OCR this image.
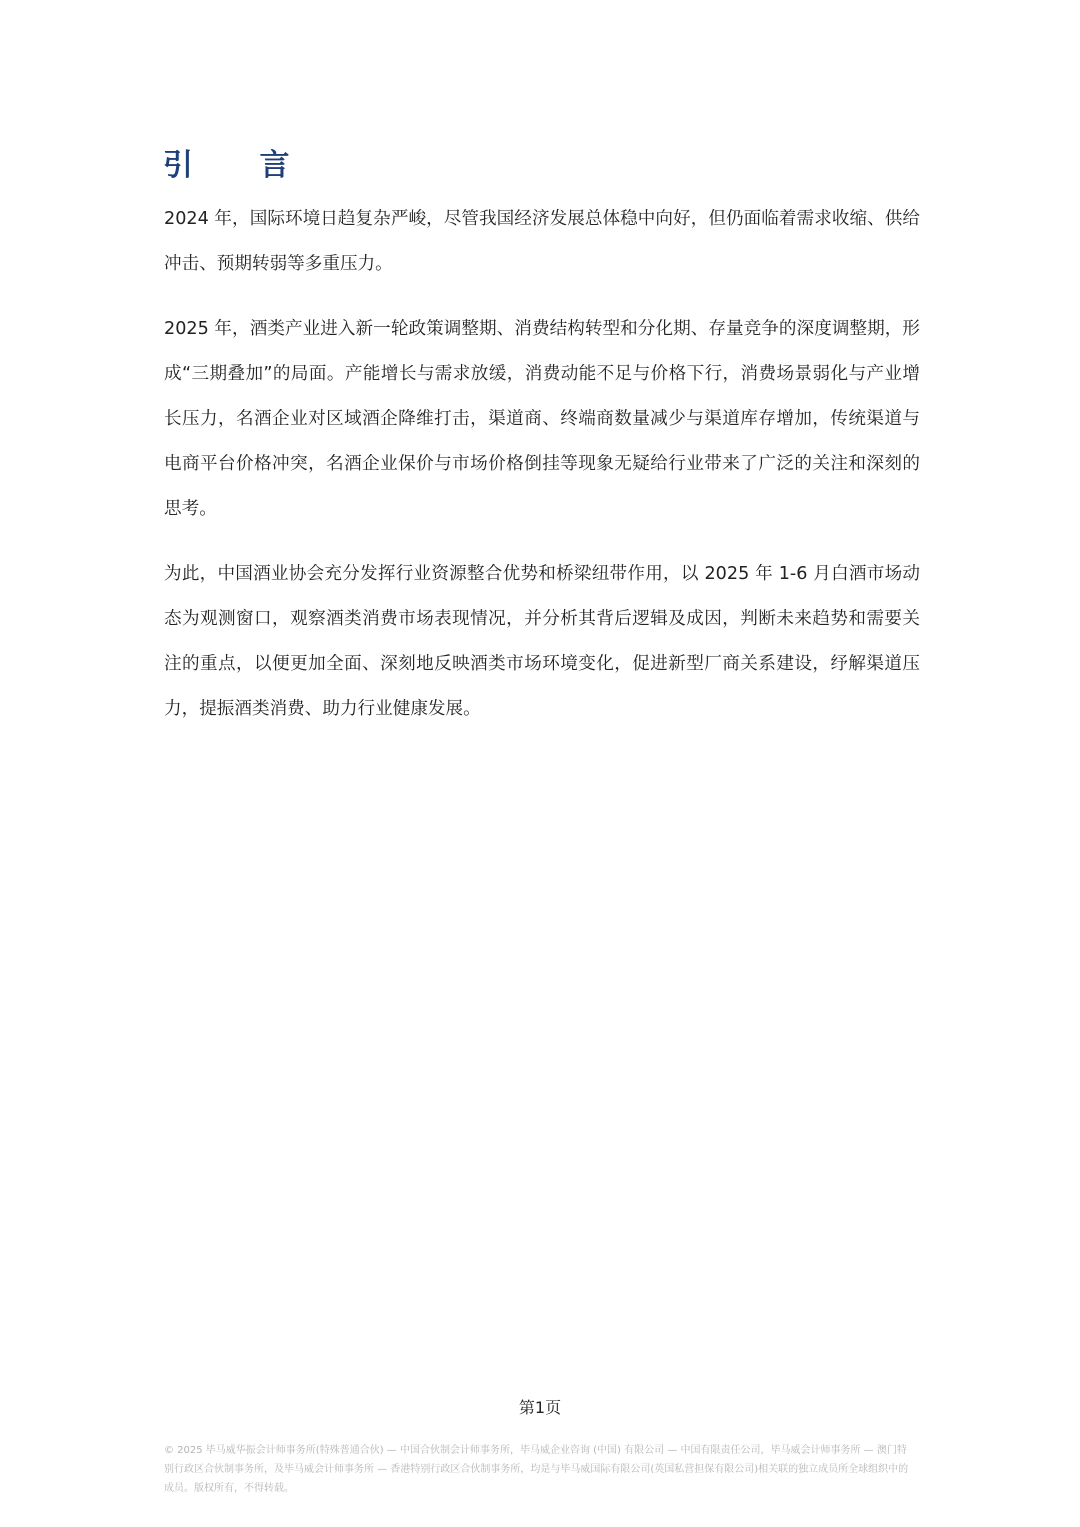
引 言

2024 年，国际环境日趋复杂严峻，尽管我国经济发展总体稳中向好，但仍面临着需求收缩、供给冲击、预期转弱等多重压力。

2025 年，酒类产业进入新一轮政策调整期、消费结构转型和分化期、存量竞争的深度调整期，形成“三期叠加”的局面。产能增长与需求放缓，消费动能不足与价格下行，消费场景弱化与产业增长压力，名酒企业对区域酒企降维打击，渠道商、终端商数量减少与渠道库存增加，传统渠道与电商平台价格冲突，名酒企业保价与市场价格倒挂等现象无疑给行业带来了广泛的关注和深刻的思考。

为此，中国酒业协会充分发挥行业资源整合优势和桥梁纽带作用，以 2025 年 1-6 月白酒市场动态为观测窗口，观察酒类消费市场表现情况，并分析其背后逻辑及成因，判断未来趋势和需要关注的重点，以便更加全面、深刻地反映酒类市场环境变化，促进新型厂商关系建设，纾解渠道压力，提振酒类消费、助力行业健康发展。

第1页

© 2025 毕马威华振会计师事务所(特殊普通合伙) — 中国合伙制会计师事务所，毕马威企业咨询 (中国) 有限公司 — 中国有限责任公司，毕马威会计师事务所 — 澳门特别行政区合伙制事务所，及毕马威会计师事务所 — 香港特别行政区合伙制事务所，均是与毕马威国际有限公司(英国私营担保有限公司)相关联的独立成员所全球组织中的成员。版权所有，不得转载。
